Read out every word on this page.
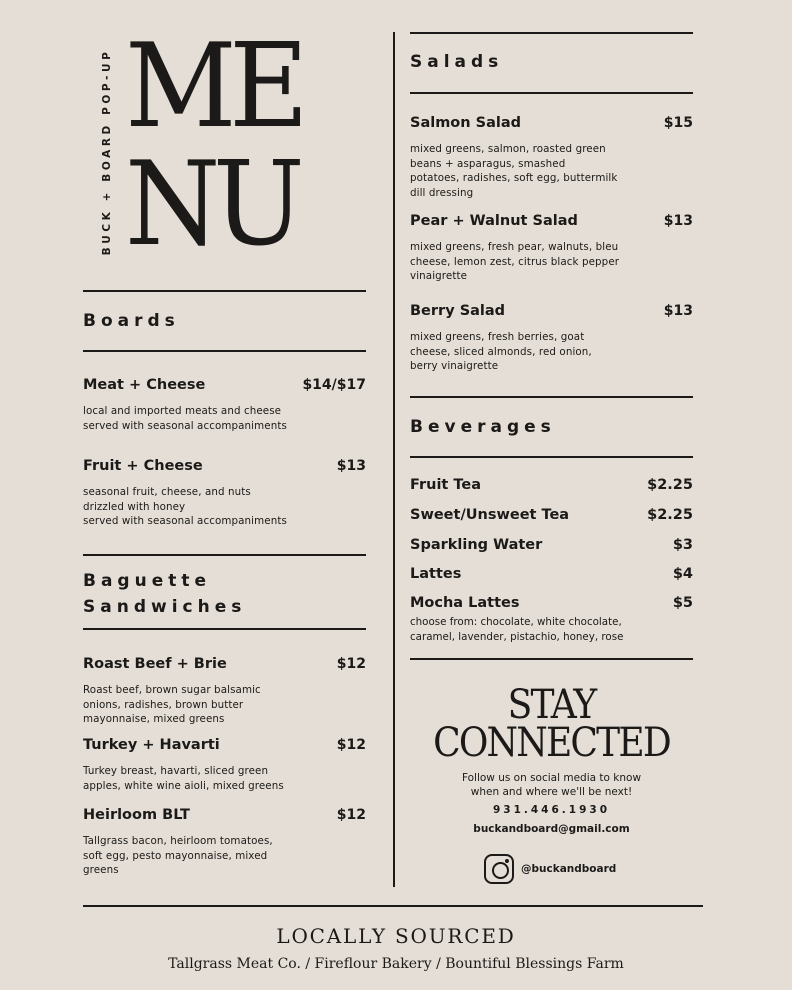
BUCK + BOARD POP-UP ME
NU
Boards
Meat + Cheese	$14/$17
local and imported meats and cheese
served with seasonal accompaniments
Fruit + Cheese	$13
seasonal fruit, cheese, and nuts
drizzled with honey
served with seasonal accompaniments
Baguette
Sandwiches
Roast Beef + Brie	$12
Roast beef, brown sugar balsamic
onions, radishes, brown butter
mayonnaise, mixed greens
Turkey + Havarti	$12
Turkey breast, havarti, sliced green
apples, white wine aioli, mixed greens
Heirloom BLT	$12
Tallgrass bacon, heirloom tomatoes,
soft egg, pesto mayonnaise, mixed
greens
Salads
Salmon Salad	$15
mixed greens, salmon, roasted green
beans + asparagus, smashed
potatoes, radishes, soft egg, buttermilk
dill dressing
Pear + Walnut Salad	$13
mixed greens, fresh pear, walnuts, bleu
cheese, lemon zest, citrus black pepper
vinaigrette
Berry Salad	$13
mixed greens, fresh berries, goat
cheese, sliced almonds, red onion,
berry vinaigrette
Beverages
Fruit Tea	$2.25
Sweet/Unsweet Tea	$2.25
Sparkling Water	$3
Lattes	$4
Mocha Lattes	$5
choose from: chocolate, white chocolate,
caramel, lavender, pistachio, honey, rose
STAY
CONNECTED
Follow us on social media to know
when and where we'll be next!
931.446.1930
buckandboard@gmail.com
@buckandboard
LOCALLY SOURCED
Tallgrass Meat Co. / Fireflour Bakery / Bountiful Blessings Farm
